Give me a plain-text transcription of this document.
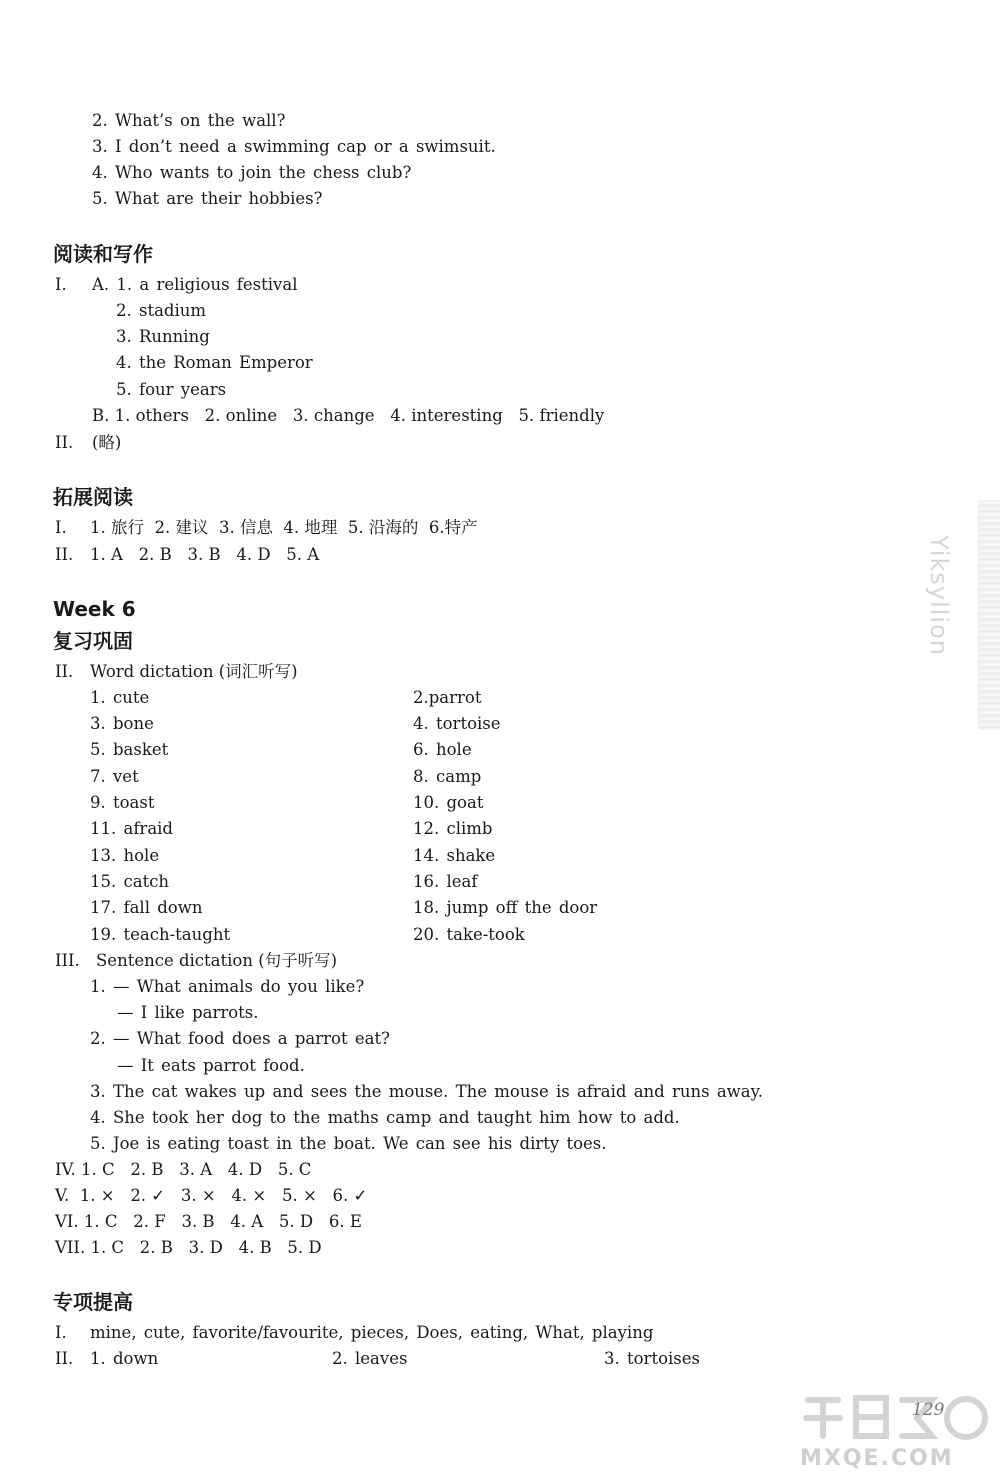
2. What’s on the wall?
3. I don’t need a swimming cap or a swimsuit.
4. Who wants to join the chess club?
5. What are their hobbies?
阅读和写作
I. A. 1. a religious festival
2. stadium
3. Running
4. the Roman Emperor
5. four years
B. 1. others   2. online   3. change   4. interesting   5. friendly
II. (略)
拓展阅读
I. 1. 旅行  2. 建议  3. 信息  4. 地理  5. 沿海的  6.特产
II. 1. A   2. B   3. B   4. D   5. A
Week 6
复习巩固
II. Word dictation (词汇听写)
1. cute
3. bone
5. basket
7. vet
9. toast
11. afraid
13. hole
15. catch
17. fall down
19. teach-taught
2.parrot
4. tortoise
6. hole
8. camp
10. goat
12. climb
14. shake
16. leaf
18. jump off the door
20. take-took
III. Sentence dictation (句子听写)
1. — What animals do you like?
— I like parrots.
2. — What food does a parrot eat?
— It eats parrot food.
3. The cat wakes up and sees the mouse. The mouse is afraid and runs away.
4. She took her dog to the maths camp and taught him how to add.
5. Joe is eating toast in the boat. We can see his dirty toes.
IV. 1. C   2. B   3. A   4. D   5. C
V.  1. ×   2. ✓   3. ×   4. ×   5. ×   6. ✓
VI. 1. C   2. F   3. B   4. A   5. D   6. E
VII. 1. C   2. B   3. D   4. B   5. D
专项提高
I. mine, cute, favorite/favourite, pieces, Does, eating, What, playing
II. 1. down	2. leaves	3. tortoises
Yiksyllion
MXQE.COM
129
